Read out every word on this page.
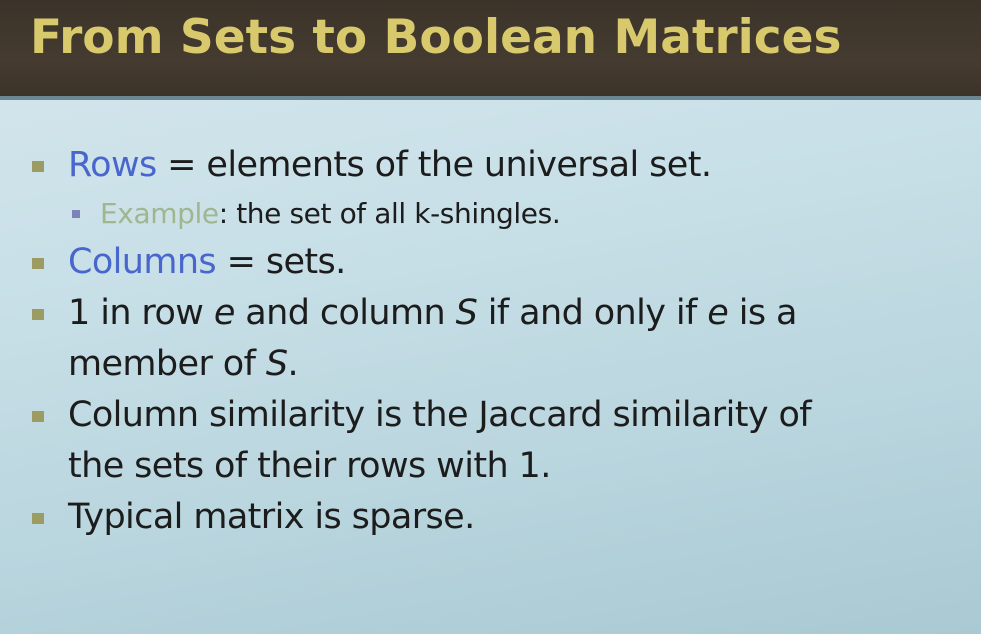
From Sets to Boolean Matrices
Rows = elements of the universal set.
Example: the set of all k-shingles.
Columns = sets.
1 in row e and column S if and only if e is a
member of S.
Column similarity is the Jaccard similarity of
the sets of their rows with 1.
Typical matrix is sparse.
